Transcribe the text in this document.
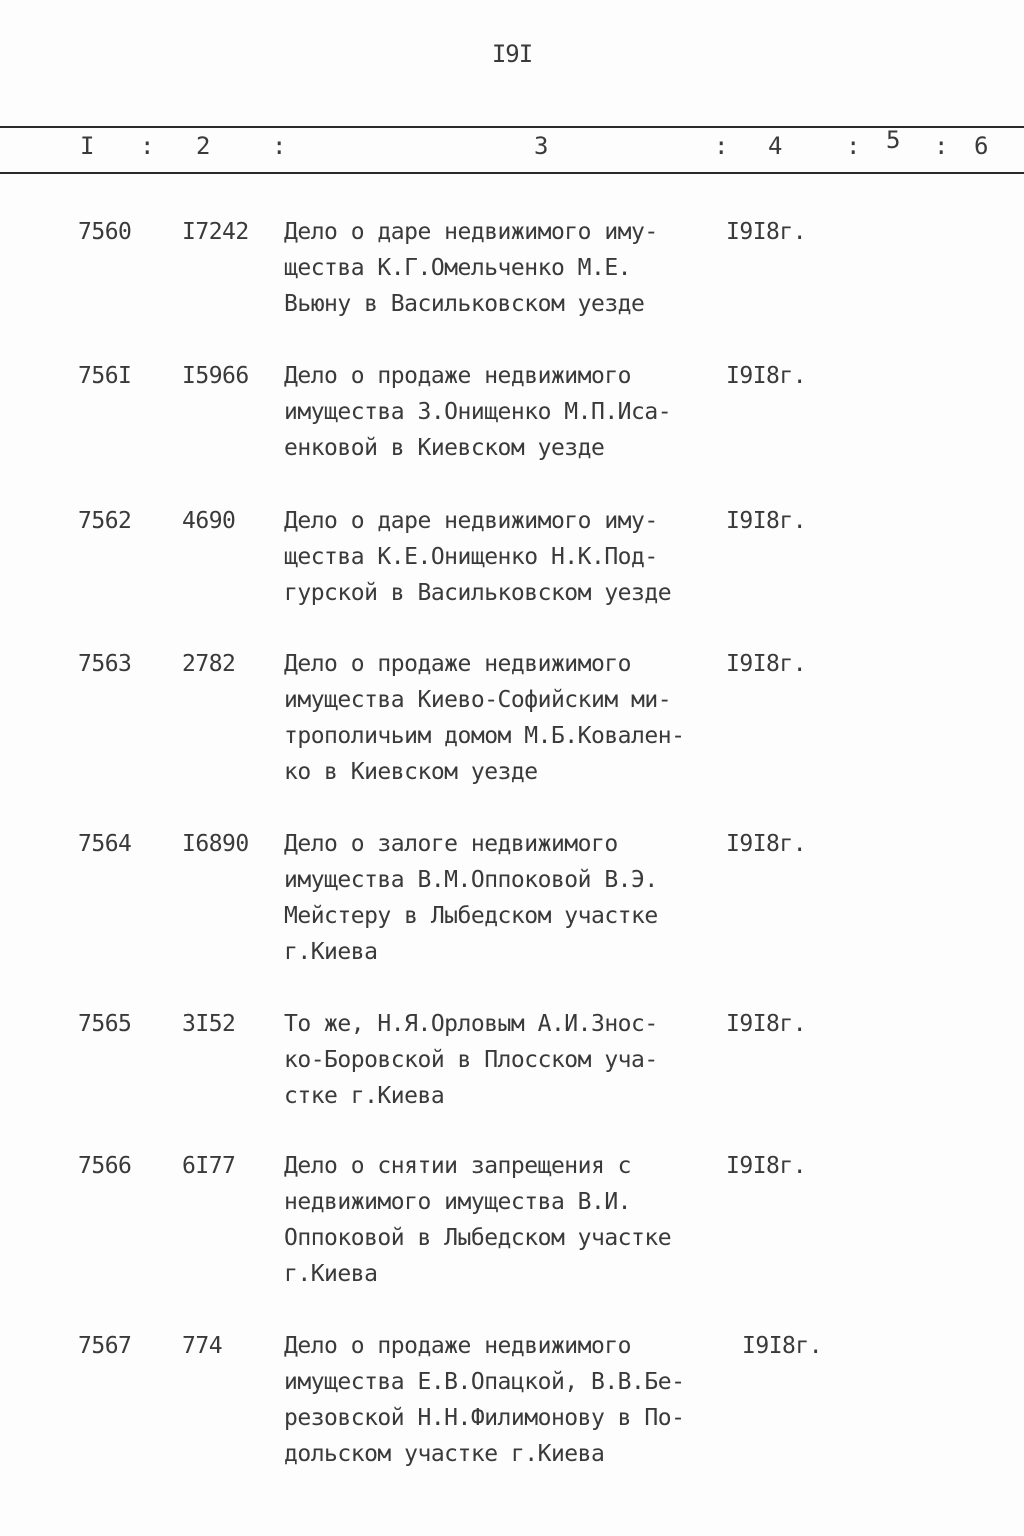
I9I
I : 2	:	3	: 4	: 5 : 6
7560 I7242 Дело о даре недвижимого иму-
щества К.Г.Омельченко М.Е.
Вьюну в Васильковском уезде
I9I8г.
756I I5966 Дело о продаже недвижимого
имущества З.Онищенко М.П.Иса-
енковой в Киевском уезде
I9I8г.
7562 4690 Дело о даре недвижимого иму-
щества К.Е.Онищенко Н.К.Под-
гурской в Васильковском уезде
I9I8г.
7563 2782 Дело о продаже недвижимого
имущества Киево-Софийским ми-
трополичьим домом М.Б.Ковален-
ко в Киевском уезде
I9I8г.
7564 I6890 Дело о залоге недвижимого
имущества В.М.Оппоковой В.Э.
Мейстеру в Лыбедском участке
г.Киева
I9I8г.
7565 3I52 То же, Н.Я.Орловым А.И.Знос-
ко-Боровской в Плосском уча-
стке г.Киева
I9I8г.
7566 6I77 Дело о снятии запрещения с
недвижимого имущества В.И.
Оппоковой в Лыбедском участке
г.Киева
I9I8г.
7567 774	Дело о продаже недвижимого
имущества Е.В.Опацкой, В.В.Бе-
резовской Н.Н.Филимонову в По-
дольском участке г.Киева
I9I8г.
